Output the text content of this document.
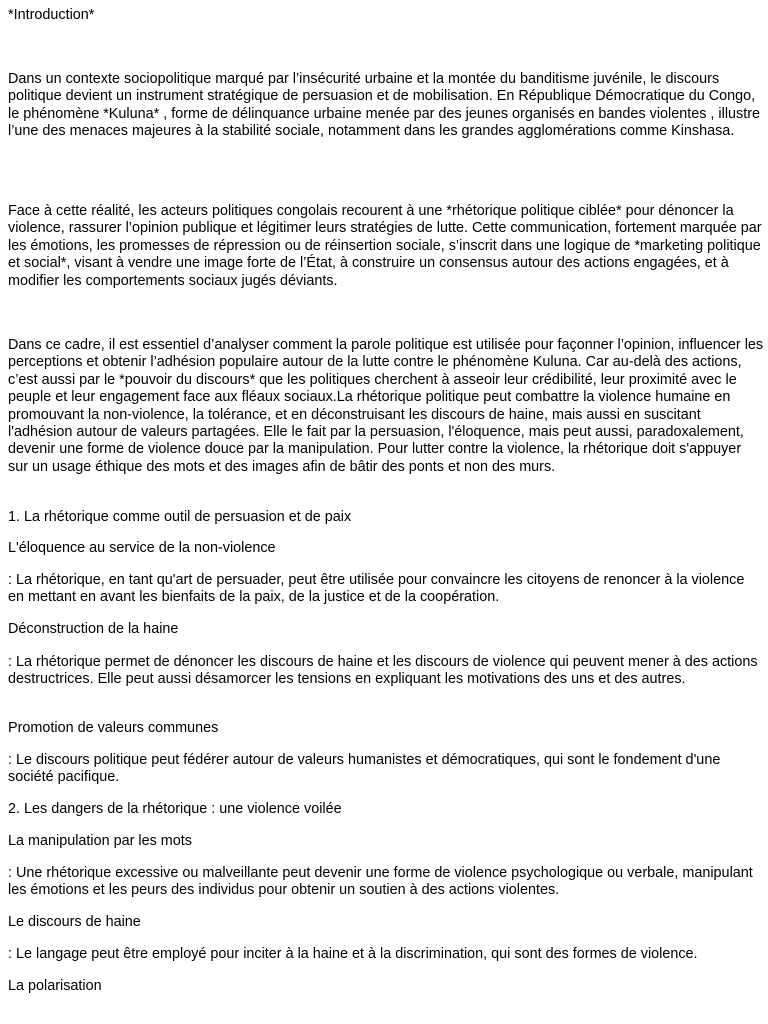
*Introduction*

Dans un contexte sociopolitique marqué par l’insécurité urbaine et la montée du banditisme juvénile, le discours politique devient un instrument stratégique de persuasion et de mobilisation. En République Démocratique du Congo, le phénomène *Kuluna* , forme de délinquance urbaine menée par des jeunes organisés en bandes violentes , illustre l’une des menaces majeures à la stabilité sociale, notamment dans les grandes agglomérations comme Kinshasa.

Face à cette réalité, les acteurs politiques congolais recourent à une *rhétorique politique ciblée* pour dénoncer la violence, rassurer l’opinion publique et légitimer leurs stratégies de lutte. Cette communication, fortement marquée par les émotions, les promesses de répression ou de réinsertion sociale, s’inscrit dans une logique de *marketing politique et social*, visant à vendre une image forte de l’État, à construire un consensus autour des actions engagées, et à modifier les comportements sociaux jugés déviants.

Dans ce cadre, il est essentiel d’analyser comment la parole politique est utilisée pour façonner l’opinion, influencer les perceptions et obtenir l’adhésion populaire autour de la lutte contre le phénomène Kuluna. Car au-delà des actions, c’est aussi par le *pouvoir du discours* que les politiques cherchent à asseoir leur crédibilité, leur proximité avec le peuple et leur engagement face aux fléaux sociaux.La rhétorique politique peut combattre la violence humaine en promouvant la non-violence, la tolérance, et en déconstruisant les discours de haine, mais aussi en suscitant l'adhésion autour de valeurs partagées. Elle le fait par la persuasion, l'éloquence, mais peut aussi, paradoxalement, devenir une forme de violence douce par la manipulation. Pour lutter contre la violence, la rhétorique doit s'appuyer sur un usage éthique des mots et des images afin de bâtir des ponts et non des murs.

1. La rhétorique comme outil de persuasion et de paix

L'éloquence au service de la non-violence

: La rhétorique, en tant qu'art de persuader, peut être utilisée pour convaincre les citoyens de renoncer à la violence en mettant en avant les bienfaits de la paix, de la justice et de la coopération.

Déconstruction de la haine

: La rhétorique permet de dénoncer les discours de haine et les discours de violence qui peuvent mener à des actions destructrices. Elle peut aussi désamorcer les tensions en expliquant les motivations des uns et des autres.

Promotion de valeurs communes

: Le discours politique peut fédérer autour de valeurs humanistes et démocratiques, qui sont le fondement d'une société pacifique.

2. Les dangers de la rhétorique : une violence voilée

La manipulation par les mots

: Une rhétorique excessive ou malveillante peut devenir une forme de violence psychologique ou verbale, manipulant les émotions et les peurs des individus pour obtenir un soutien à des actions violentes.

Le discours de haine

: Le langage peut être employé pour inciter à la haine et à la discrimination, qui sont des formes de violence.

La polarisation
